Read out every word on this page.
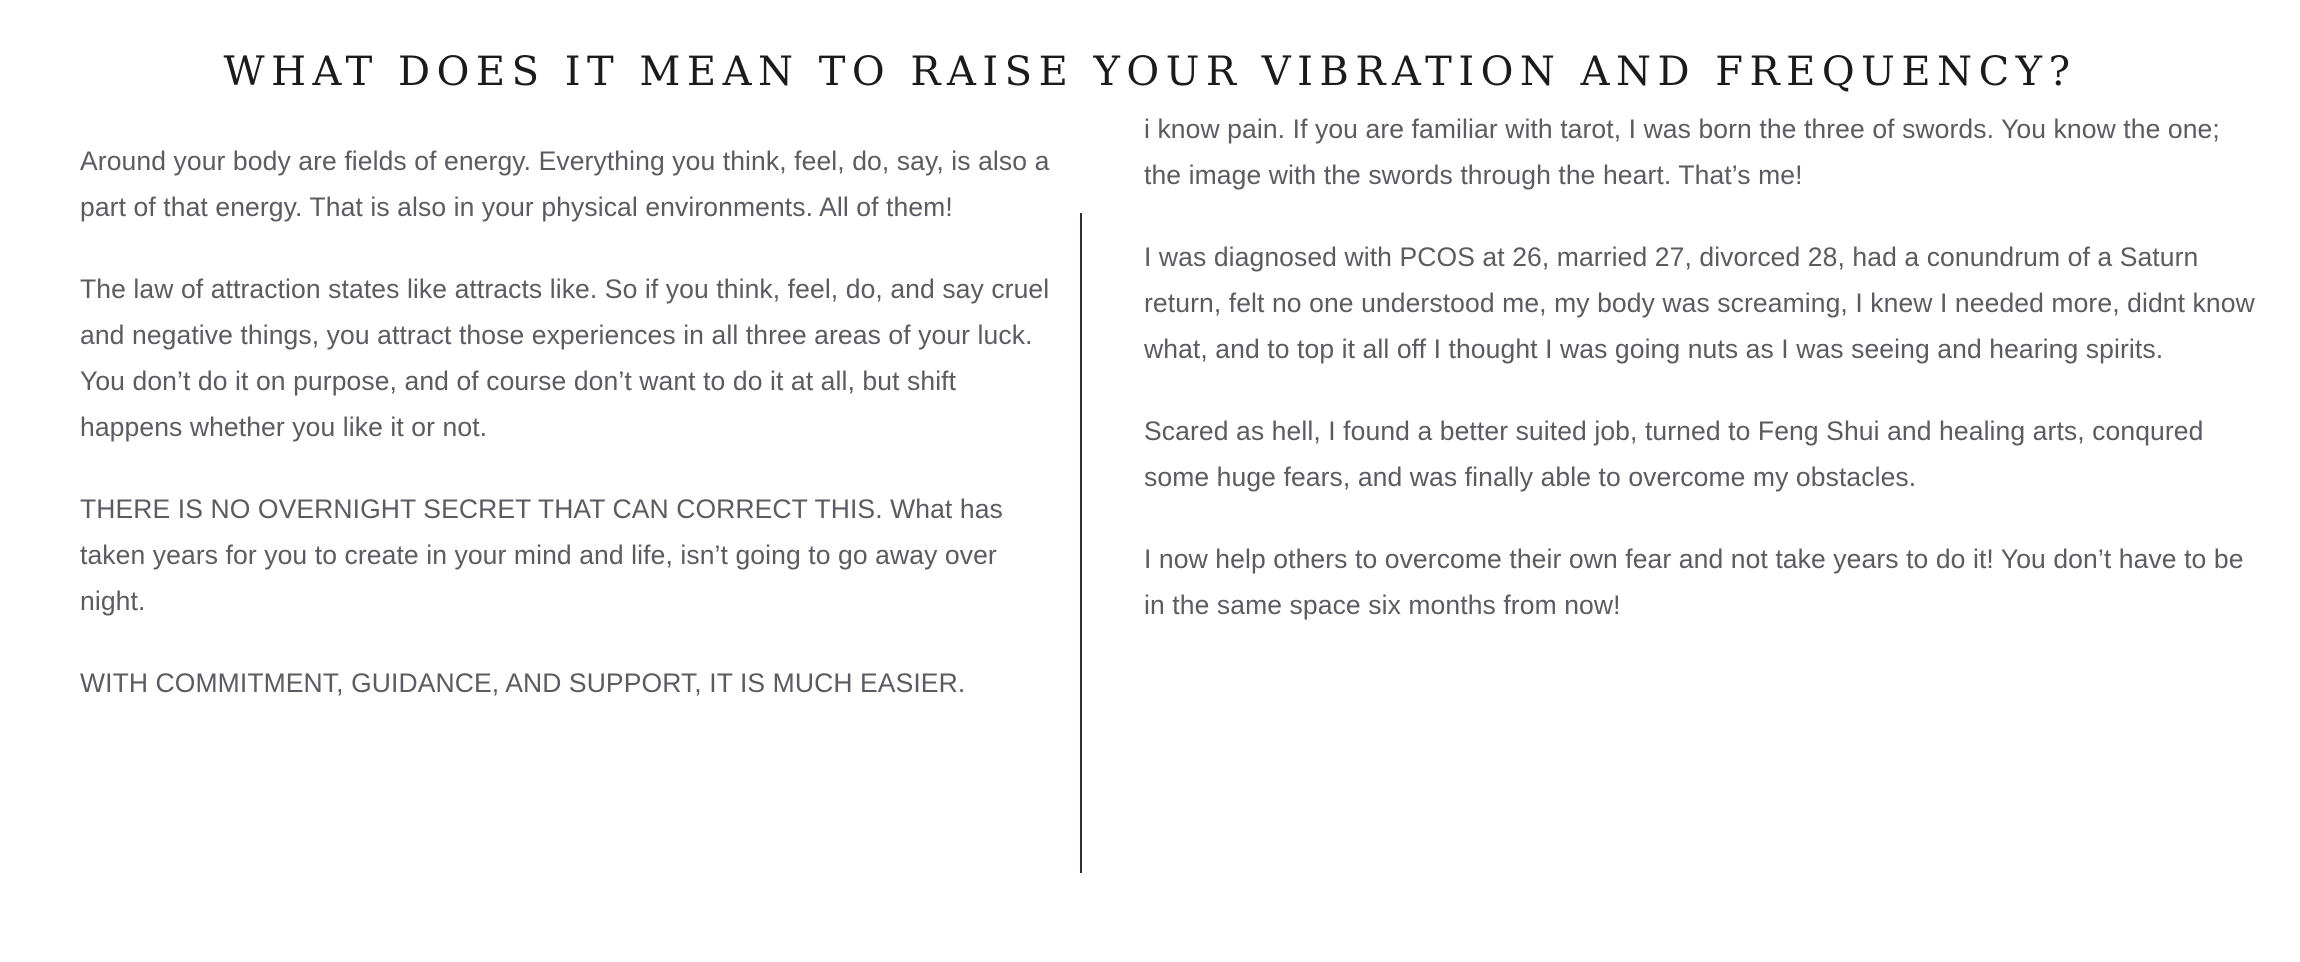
WHAT DOES IT MEAN TO RAISE YOUR VIBRATION AND FREQUENCY?

Around your body are fields of energy. Everything you think, feel, do, say, is also a part of that energy. That is also in your physical environments. All of them!

The law of attraction states like attracts like. So if you think, feel, do, and say cruel and negative things, you attract those experiences in all three areas of your luck. You don’t do it on purpose, and of course don’t want to do it at all, but shift happens whether you like it or not.

THERE IS NO OVERNIGHT SECRET THAT CAN CORRECT THIS. What has taken years for you to create in your mind and life, isn’t going to go away over night.

WITH COMMITMENT, GUIDANCE, AND SUPPORT, IT IS MUCH EASIER.

i know pain. If you are familiar with tarot, I was born the three of swords. You know the one; the image with the swords through the heart. That’s me!

I was diagnosed with PCOS at 26, married 27, divorced 28, had a conundrum of a Saturn return, felt no one understood me, my body was screaming, I knew I needed more, didnt know what, and to top it all off I thought I was going nuts as I was seeing and hearing spirits.

Scared as hell, I found a better suited job, turned to Feng Shui and healing arts, conqured some huge fears, and was finally able to overcome my obstacles.

I now help others to overcome their own fear and not take years to do it! You don’t have to be in the same space six months from now!
